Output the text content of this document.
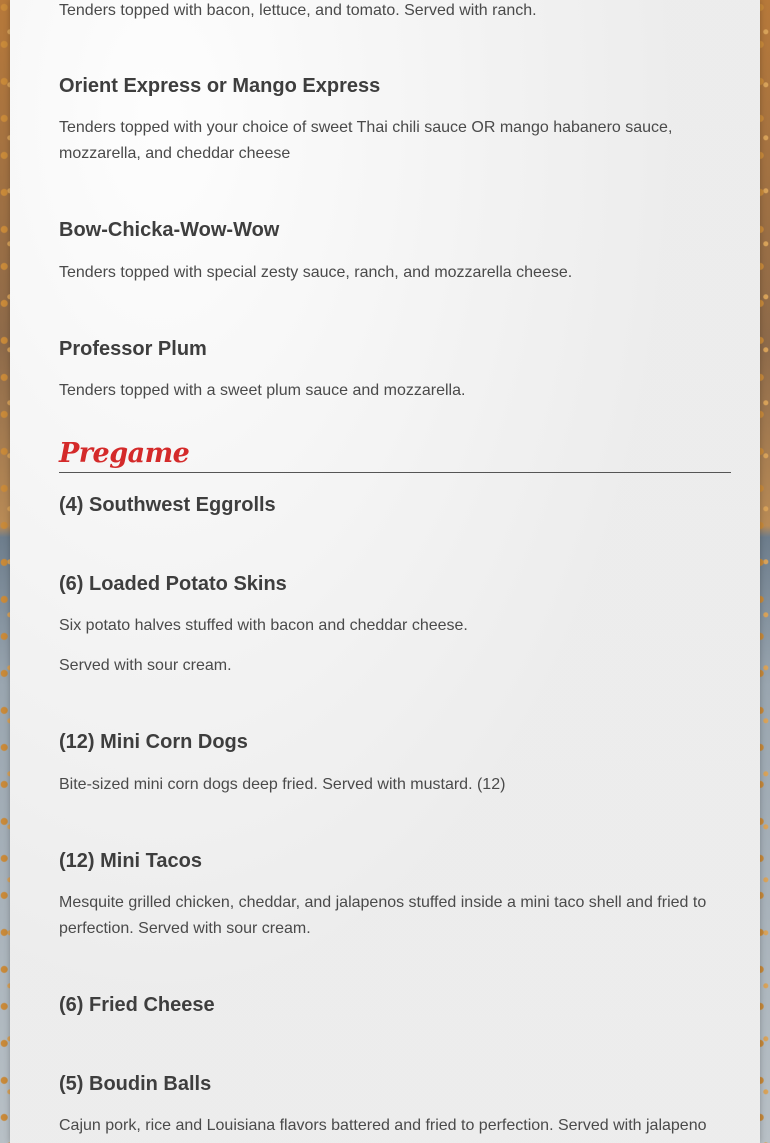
Tenders topped with bacon, lettuce, and tomato. Served with ranch.

Orient Express or Mango Express

Tenders topped with your choice of sweet Thai chili sauce OR mango habanero sauce, mozzarella, and cheddar cheese

Bow-Chicka-Wow-Wow

Tenders topped with special zesty sauce, ranch, and mozzarella cheese.

Professor Plum

Tenders topped with a sweet plum sauce and mozzarella.

Pregame
(4) Southwest Eggrolls
(6) Loaded Potato Skins

Six potato halves stuffed with bacon and cheddar cheese.

Served with sour cream.

(12) Mini Corn Dogs

Bite-sized mini corn dogs deep fried. Served with mustard. (12)

(12) Mini Tacos

Mesquite grilled chicken, cheddar, and jalapenos stuffed inside a mini taco shell and fried to perfection. Served with sour cream.

(6) Fried Cheese
(5) Boudin Balls

Cajun pork, rice and Louisiana flavors battered and fried to perfection. Served with jalapeno
